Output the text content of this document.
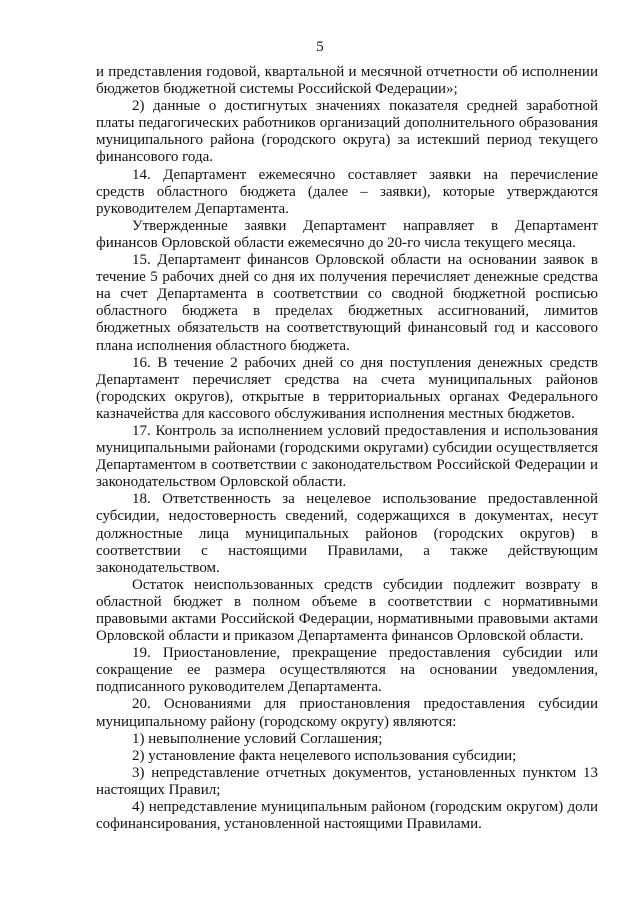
5

и представления годовой, квартальной и месячной отчетности об исполнении бюджетов бюджетной системы Российской Федерации»;

2) данные о достигнутых значениях показателя средней заработной платы педагогических работников организаций дополнительного образования муниципального района (городского округа) за истекший период текущего финансового года.

14. Департамент ежемесячно составляет заявки на перечисление средств областного бюджета (далее – заявки), которые утверждаются руководителем Департамента.

Утвержденные заявки Департамент направляет в Департамент финансов Орловской области ежемесячно до 20-го числа текущего месяца.

15. Департамент финансов Орловской области на основании заявок в течение 5 рабочих дней со дня их получения перечисляет денежные средства на счет Департамента в соответствии со сводной бюджетной росписью областного бюджета в пределах бюджетных ассигнований, лимитов бюджетных обязательств на соответствующий финансовый год и кассового плана исполнения областного бюджета.

16. В течение 2 рабочих дней со дня поступления денежных средств Департамент перечисляет средства на счета муниципальных районов (городских округов), открытые в территориальных органах Федерального казначейства для кассового обслуживания исполнения местных бюджетов.

17. Контроль за исполнением условий предоставления и использования муниципальными районами (городскими округами) субсидии осуществляется Департаментом в соответствии с законодательством Российской Федерации и законодательством Орловской области.

18. Ответственность за нецелевое использование предоставленной субсидии, недостоверность сведений, содержащихся в документах, несут должностные лица муниципальных районов (городских округов) в соответствии с настоящими Правилами, а также действующим законодательством.

Остаток неиспользованных средств субсидии подлежит возврату в областной бюджет в полном объеме в соответствии с нормативными правовыми актами Российской Федерации, нормативными правовыми актами Орловской области и приказом Департамента финансов Орловской области.

19. Приостановление, прекращение предоставления субсидии или сокращение ее размера осуществляются на основании уведомления, подписанного руководителем Департамента.

20. Основаниями для приостановления предоставления субсидии муниципальному району (городскому округу) являются:

1) невыполнение условий Соглашения;

2) установление факта нецелевого использования субсидии;

3) непредставление отчетных документов, установленных пунктом 13 настоящих Правил;

4) непредставление муниципальным районом (городским округом) доли софинансирования, установленной настоящими Правилами.
